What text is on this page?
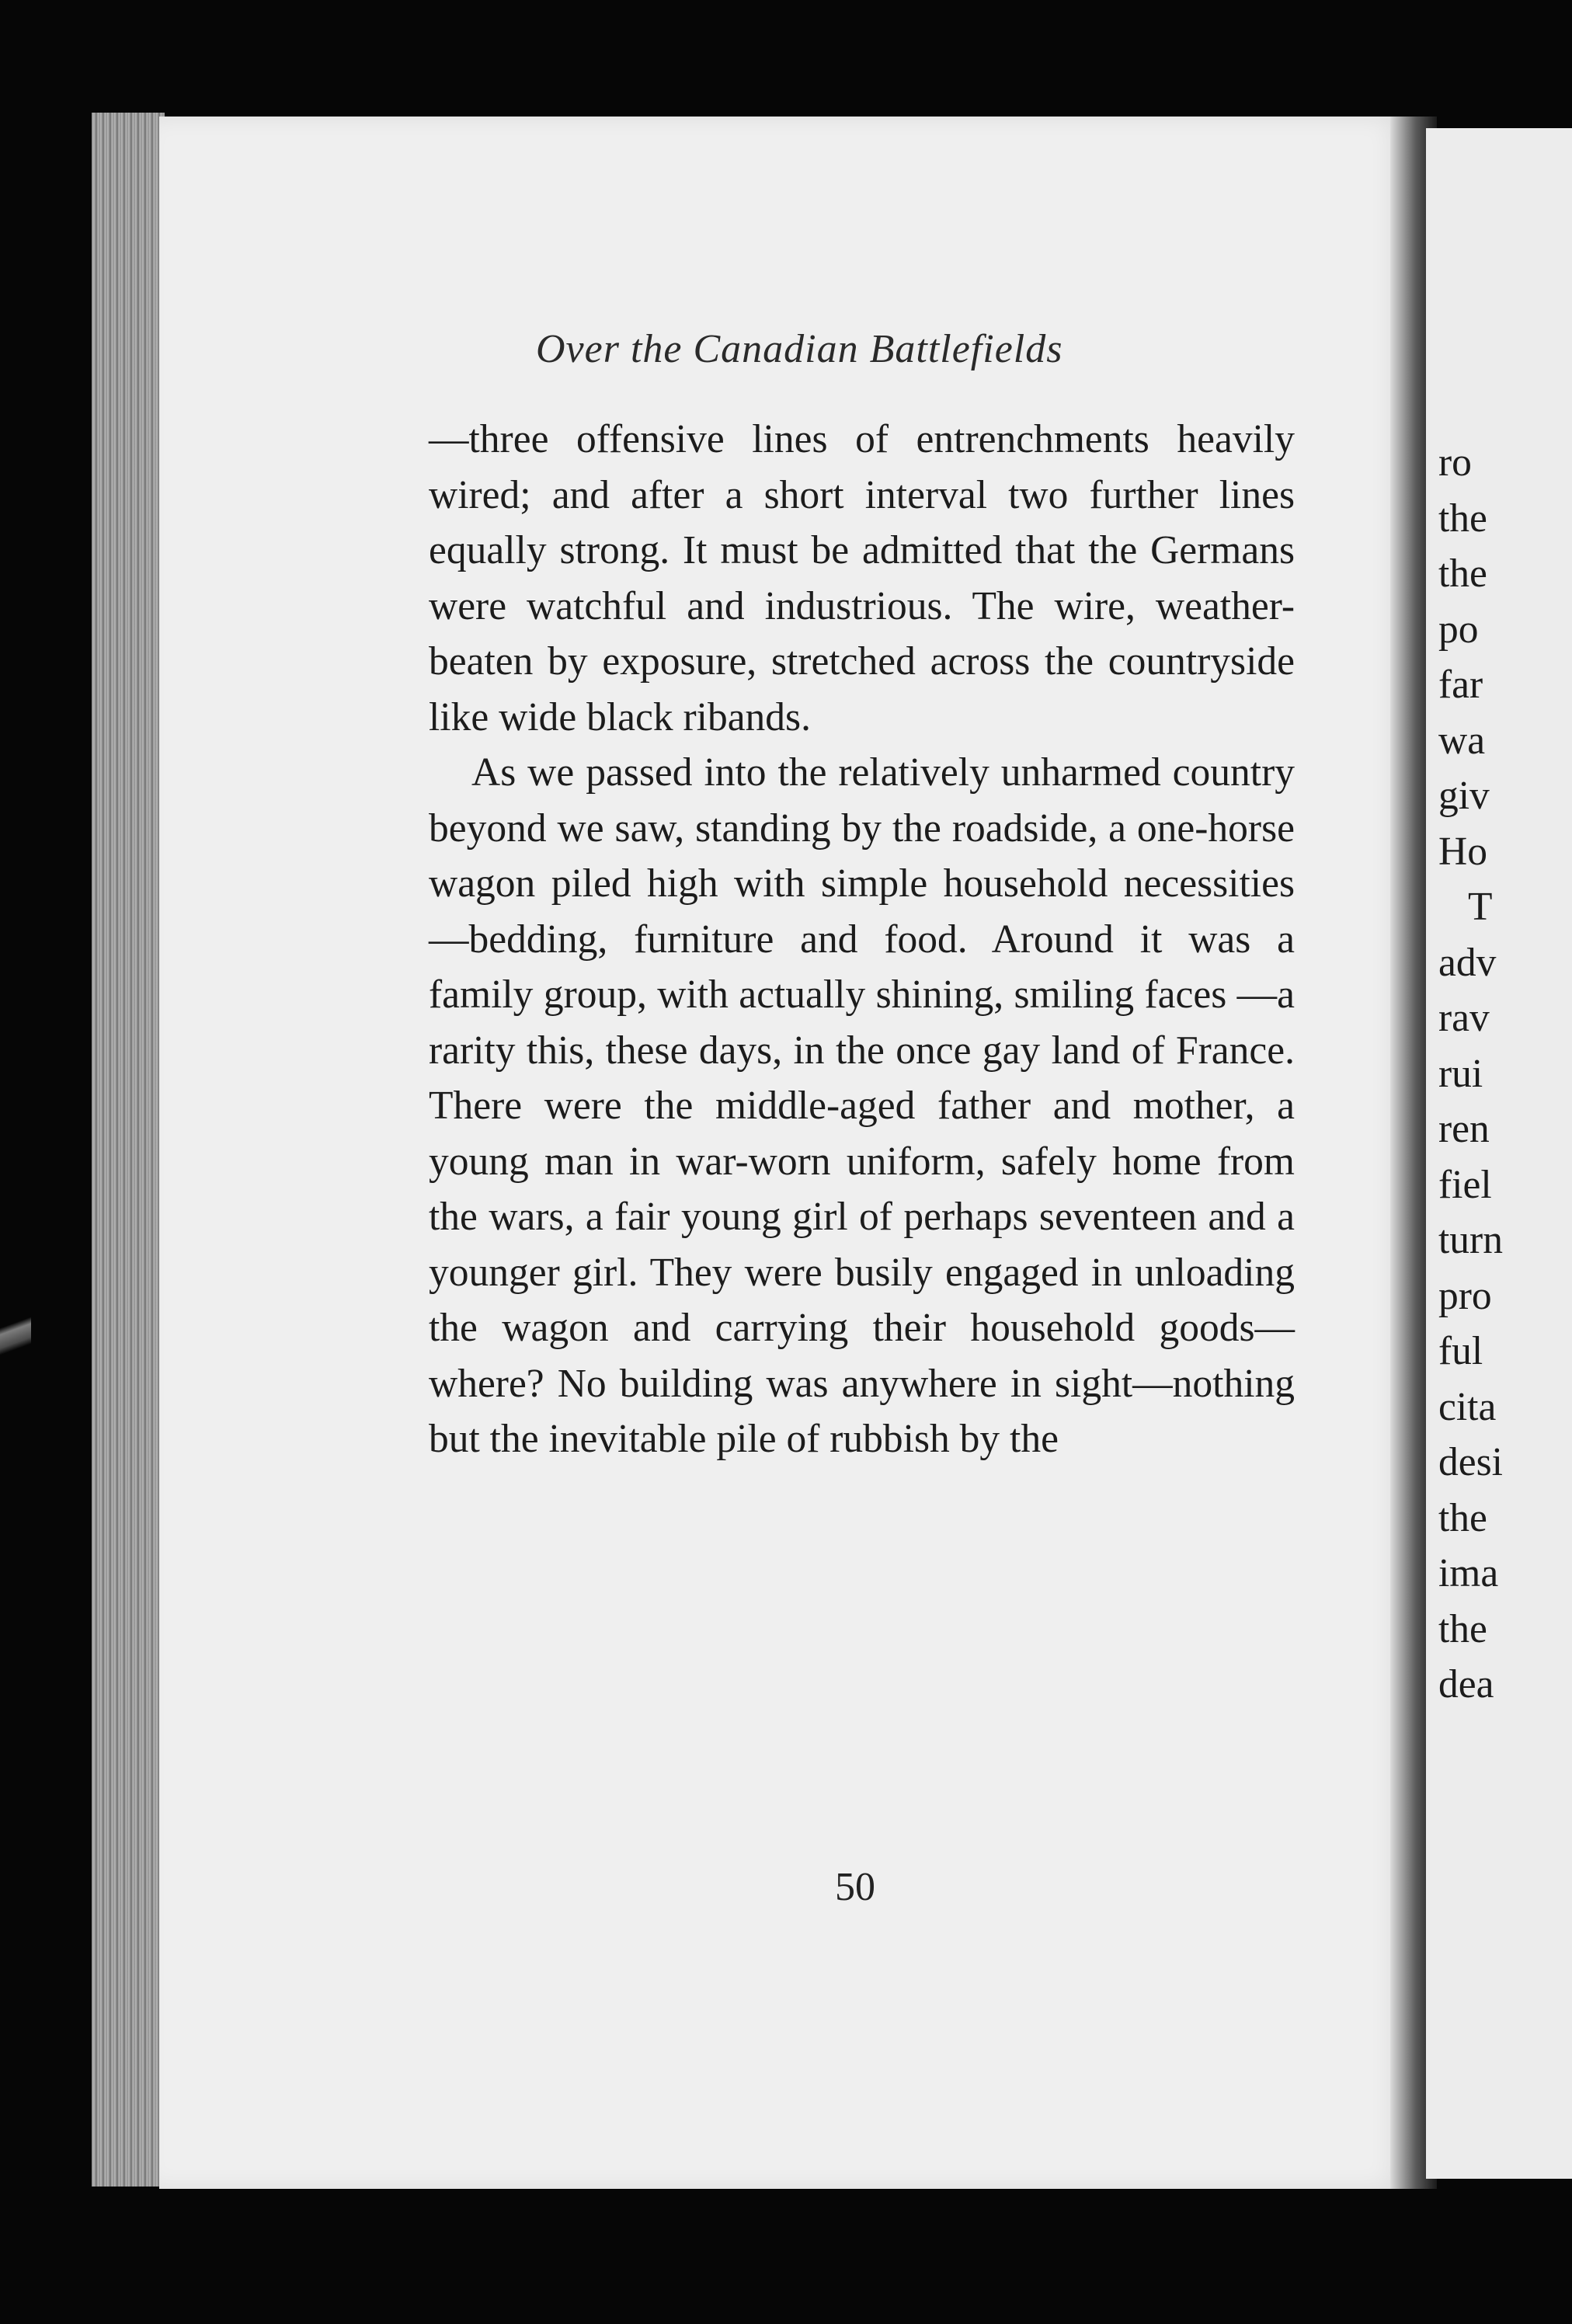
Over the Canadian Battlefields

—three offensive lines of entrenchments heavily wired; and after a short interval two further lines equally strong. It must be admitted that the Germans were watchful and industrious. The wire, weather-beaten by exposure, stretched across the countryside like wide black ribands.

As we passed into the relatively unharmed country beyond we saw, standing by the roadside, a one-horse wagon piled high with simple household necessities—bedding, furniture and food. Around it was a family group, with actually shining, smiling faces —a rarity this, these days, in the once gay land of France. There were the middle-aged father and mother, a young man in war-worn uniform, safely home from the wars, a fair young girl of perhaps seventeen and a younger girl. They were busily engaged in unloading the wagon and carrying their household goods—where? No building was anywhere in sight—nothing but the inevitable pile of rubbish by the

50
ro
the
the
po
far
wa
giv
Ho
T
adv
rav
rui
ren
fiel
turn
pro
ful
cita
desi
the
ima
the
dea
